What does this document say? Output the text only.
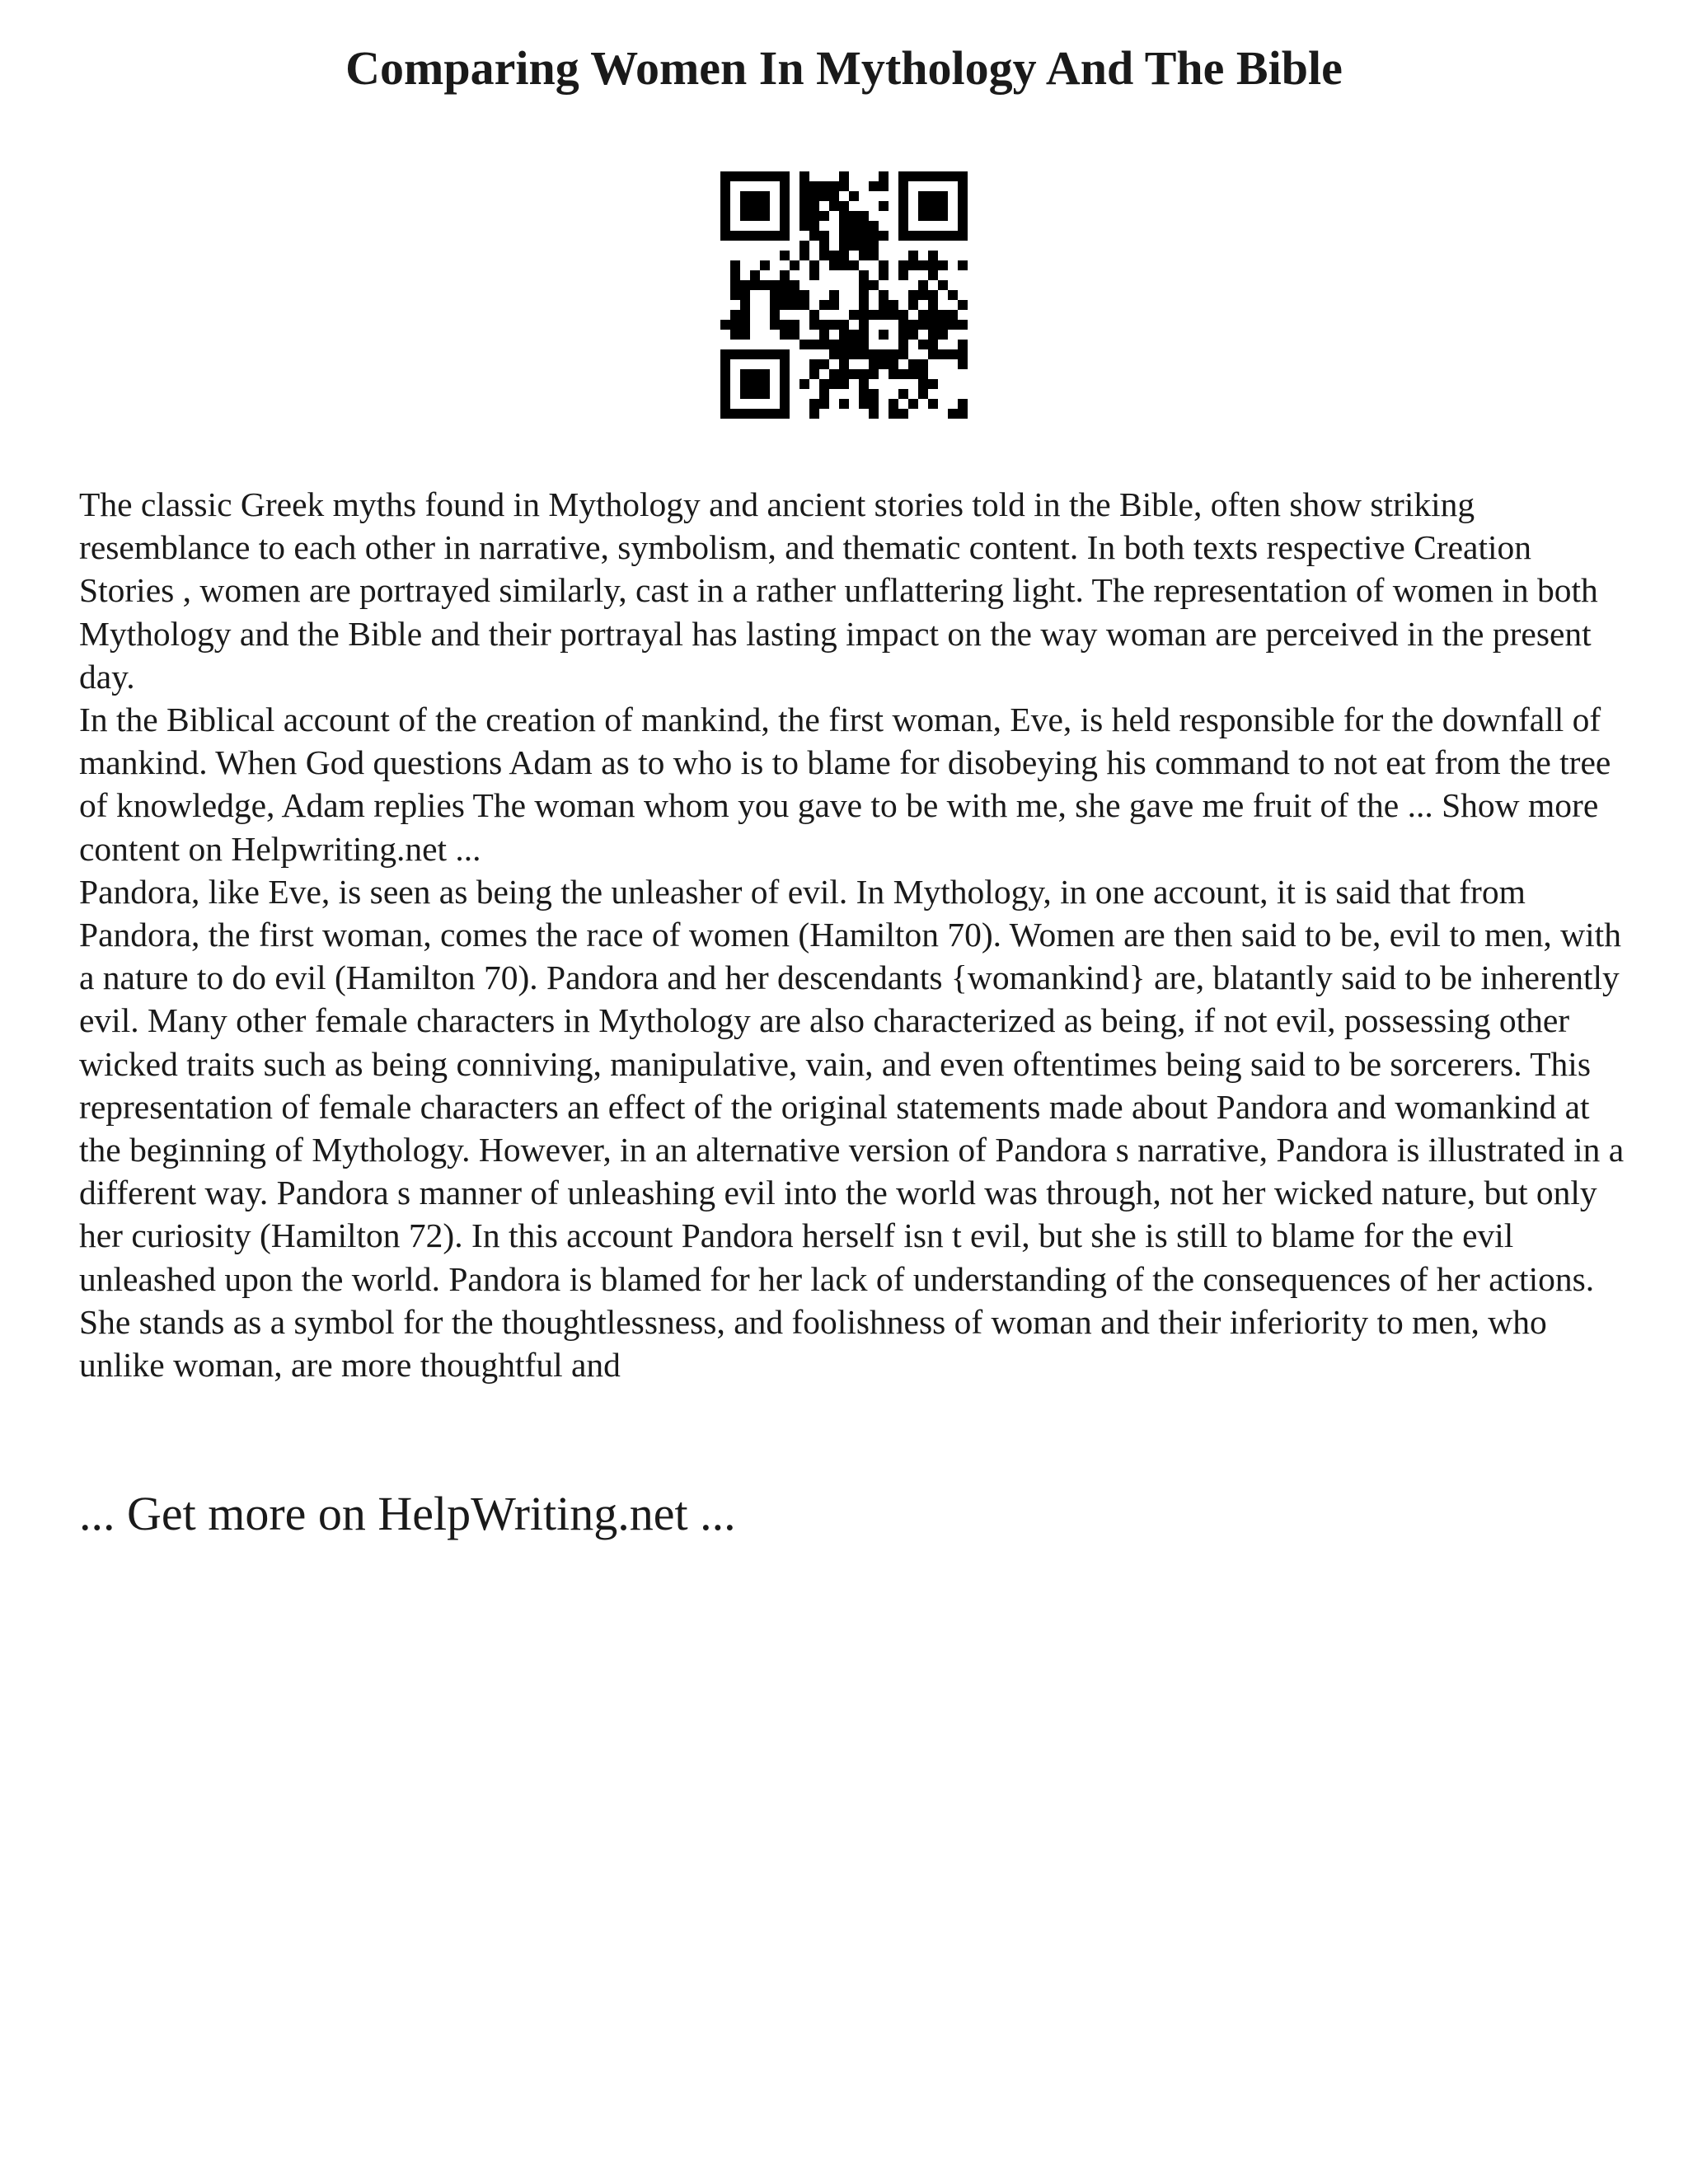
Comparing Women In Mythology And The Bible

The classic Greek myths found in Mythology and ancient stories told in the Bible, often show striking resemblance to each other in narrative, symbolism, and thematic content. In both texts respective Creation Stories , women are portrayed similarly, cast in a rather unflattering light. The representation of women in both Mythology and the Bible and their portrayal has lasting impact on the way woman are perceived in the present day.

In the Biblical account of the creation of mankind, the first woman, Eve, is held responsible for the downfall of mankind. When God questions Adam as to who is to blame for disobeying his command to not eat from the tree of knowledge, Adam replies The woman whom you gave to be with me, she gave me fruit of the ... Show more content on Helpwriting.net ...

Pandora, like Eve, is seen as being the unleasher of evil. In Mythology, in one account, it is said that from Pandora, the first woman, comes the race of women (Hamilton 70). Women are then said to be, evil to men, with a nature to do evil (Hamilton 70). Pandora and her descendants {womankind} are, blatantly said to be inherently evil. Many other female characters in Mythology are also characterized as being, if not evil, possessing other wicked traits such as being conniving, manipulative, vain, and even oftentimes being said to be sorcerers. This representation of female characters an effect of the original statements made about Pandora and womankind at the beginning of Mythology. However, in an alternative version of Pandora s narrative, Pandora is illustrated in a different way. Pandora s manner of unleashing evil into the world was through, not her wicked nature, but only her curiosity (Hamilton 72). In this account Pandora herself isn t evil, but she is still to blame for the evil unleashed upon the world. Pandora is blamed for her lack of understanding of the consequences of her actions. She stands as a symbol for the thoughtlessness, and foolishness of woman and their inferiority to men, who unlike woman, are more thoughtful and

... Get more on HelpWriting.net ...
